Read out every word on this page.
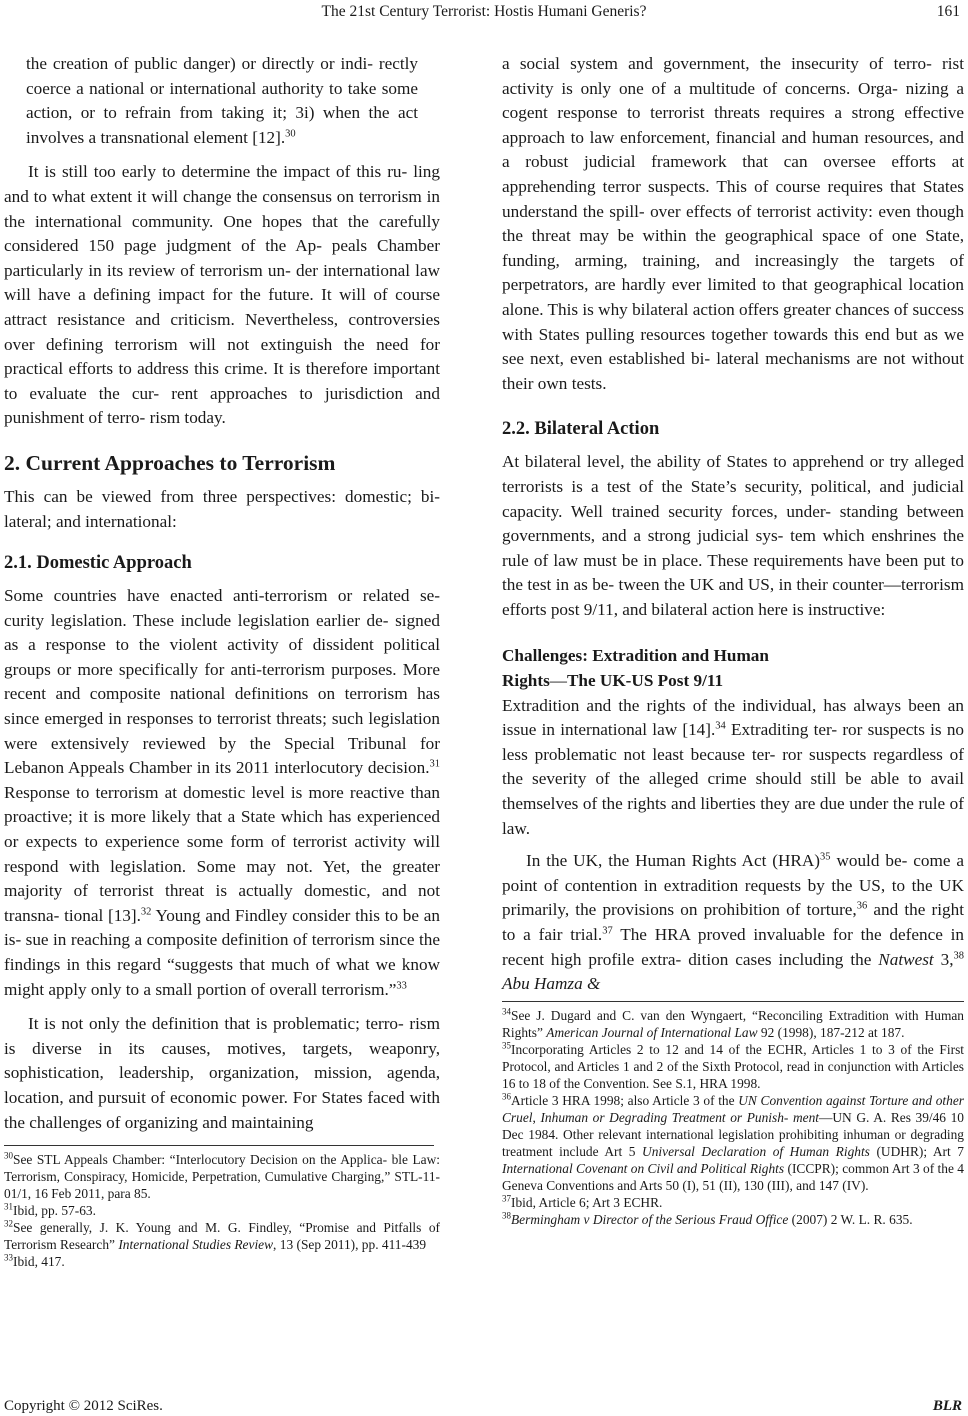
The 21st Century Terrorist: Hostis Humani Generis?	161

the creation of public danger) or directly or indi- rectly coerce a national or international authority to take some action, or to refrain from taking it; 3i) when the act involves a transnational element [12].$^{30}$

It is still too early to determine the impact of this ru- ling and to what extent it will change the consensus on terrorism in the international community. One hopes that the carefully considered 150 page judgment of the Ap- peals Chamber particularly in its review of terrorism un- der international law will have a defining impact for the future. It will of course attract resistance and criticism. Nevertheless, controversies over defining terrorism will not extinguish the need for practical efforts to address this crime. It is therefore important to evaluate the cur- rent approaches to jurisdiction and punishment of terro- rism today.

2. Current Approaches to Terrorism

This can be viewed from three perspectives: domestic; bi- lateral; and international:

2.1. Domestic Approach

Some countries have enacted anti-terrorism or related se- curity legislation. These include legislation earlier de- signed as a response to the violent activity of dissident political groups or more specifically for anti-terrorism purposes. More recent and composite national definitions on terrorism has since emerged in responses to terrorist threats; such legislation were extensively reviewed by the Special Tribunal for Lebanon Appeals Chamber in its 2011 interlocutory decision.$^{31}$ Response to terrorism at domestic level is more reactive than proactive; it is more likely that a State which has experienced or expects to experience some form of terrorist activity will respond with legislation. Some may not. Yet, the greater majority of terrorist threat is actually domestic, and not transna- tional [13].$^{32}$ Young and Findley consider this to be an is- sue in reaching a composite definition of terrorism since the findings in this regard “suggests that much of what we know might apply only to a small portion of overall terrorism.”$^{33}$

It is not only the definition that is problematic; terro- rism is diverse in its causes, motives, targets, weaponry, sophistication, leadership, organization, mission, agenda, location, and pursuit of economic power. For States faced with the challenges of organizing and maintaining

$^{30}$See STL Appeals Chamber: “Interlocutory Decision on the Applica- ble Law: Terrorism, Conspiracy, Homicide, Perpetration, Cumulative Charging,” STL-11-01/1, 16 Feb 2011, para 85.

$^{31}$Ibid, pp. 57-63.

$^{32}$See generally, J. K. Young and M. G. Findley, “Promise and Pitfalls of Terrorism Research” International Studies Review, 13 (Sep 2011), pp. 411-439

$^{33}$Ibid, 417.

a social system and government, the insecurity of terro- rist activity is only one of a multitude of concerns. Orga- nizing a cogent response to terrorist threats requires a strong effective approach to law enforcement, financial and human resources, and a robust judicial framework that can oversee efforts at apprehending terror suspects. This of course requires that States understand the spill- over effects of terrorist activity: even though the threat may be within the geographical space of one State, funding, arming, training, and increasingly the targets of perpetrators, are hardly ever limited to that geographical location alone. This is why bilateral action offers greater chances of success with States pulling resources together towards this end but as we see next, even established bi- lateral mechanisms are not without their own tests.

2.2. Bilateral Action

At bilateral level, the ability of States to apprehend or try alleged terrorists is a test of the State’s security, political, and judicial capacity. Well trained security forces, under- standing between governments, and a strong judicial sys- tem which enshrines the rule of law must be in place. These requirements have been put to the test in as be- tween the UK and US, in their counter—terrorism efforts post 9/11, and bilateral action here is instructive:

Challenges: Extradition and Human
Rights—The UK-US Post 9/11

Extradition and the rights of the individual, has always been an issue in international law [14].$^{34}$ Extraditing ter- ror suspects is no less problematic not least because ter- ror suspects regardless of the severity of the alleged crime should still be able to avail themselves of the rights and liberties they are due under the rule of law.

In the UK, the Human Rights Act (HRA)$^{35}$ would be- come a point of contention in extradition requests by the US, to the UK primarily, the provisions on prohibition of torture,$^{36}$ and the right to a fair trial.$^{37}$ The HRA proved invaluable for the defence in recent high profile extra- dition cases including the Natwest 3,38 Abu Hamza &

$^{34}$See J. Dugard and C. van den Wyngaert, “Reconciling Extradition with Human Rights” American Journal of International Law 92 (1998), 187-212 at 187.

$^{35}$Incorporating Articles 2 to 12 and 14 of the ECHR, Articles 1 to 3 of the First Protocol, and Articles 1 and 2 of the Sixth Protocol, read in conjunction with Articles 16 to 18 of the Convention. See S.1, HRA 1998.

$^{36}$Article 3 HRA 1998; also Article 3 of the UN Convention against Torture and other Cruel, Inhuman or Degrading Treatment or Punish- ment—UN G. A. Res 39/46 10 Dec 1984. Other relevant international legislation prohibiting inhuman or degrading treatment include Art 5 Universal Declaration of Human Rights (UDHR); Art 7 International Covenant on Civil and Political Rights (ICCPR); common Art 3 of the 4 Geneva Conventions and Arts 50 (I), 51 (II), 130 (III), and 147 (IV).

$^{37}$Ibid, Article 6; Art 3 ECHR.

$^{38}$Bermingham v Director of the Serious Fraud Office (2007) 2 W. L. R. 635.

Copyright © 2012 SciRes.	BLR
